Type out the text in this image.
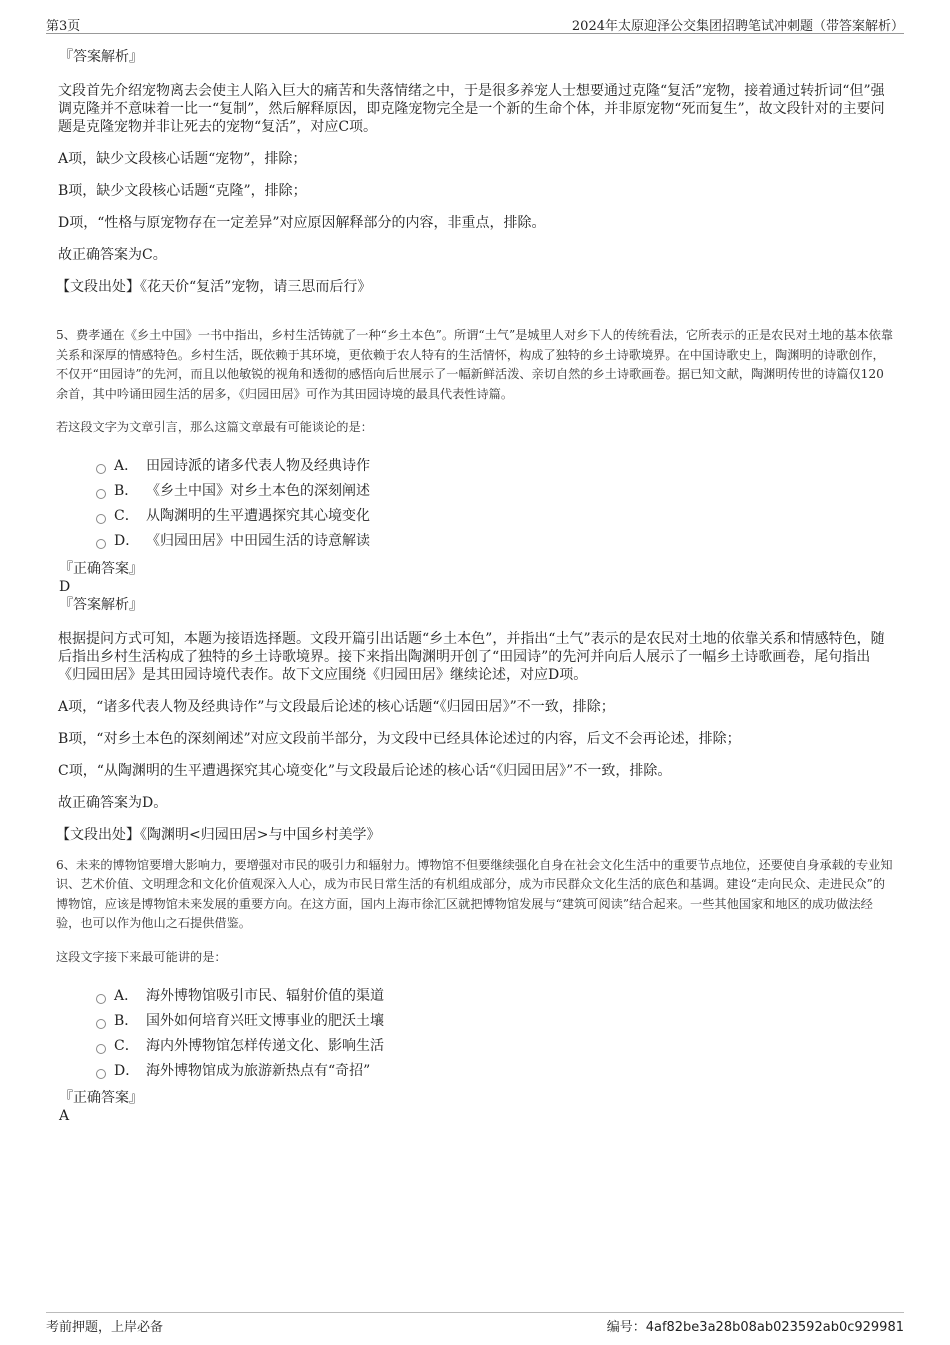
第3页	2024年太原迎泽公交集团招聘笔试冲刺题（带答案解析）
『答案解析』
文段首先介绍宠物离去会使主人陷入巨大的痛苦和失落情绪之中，于是很多养宠人士想要通过克隆“复活”宠物，接着通过转折词“但”强调克隆并不意味着一比一“复制”，然后解释原因，即克隆宠物完全是一个新的生命个体，并非原宠物“死而复生”，故文段针对的主要问题是克隆宠物并非让死去的宠物“复活”，对应C项。
A项，缺少文段核心话题“宠物”，排除；
B项，缺少文段核心话题“克隆”，排除；
D项，“性格与原宠物存在一定差异”对应原因解释部分的内容，非重点，排除。
故正确答案为C。
【文段出处】《花天价“复活”宠物，请三思而后行》
5、费孝通在《乡土中国》一书中指出，乡村生活铸就了一种“乡土本色”。所谓“土气”是城里人对乡下人的传统看法，它所表示的正是农民对土地的基本依靠关系和深厚的情感特色。乡村生活，既依赖于其环境，更依赖于农人特有的生活情怀，构成了独特的乡土诗歌境界。在中国诗歌史上，陶渊明的诗歌创作，不仅开“田园诗”的先河，而且以他敏锐的视角和透彻的感悟向后世展示了一幅新鲜活泼、亲切自然的乡土诗歌画卷。据已知文献，陶渊明传世的诗篇仅120余首，其中吟诵田园生活的居多，《归园田居》可作为其田园诗境的最具代表性诗篇。
若这段文字为文章引言，那么这篇文章最有可能谈论的是：
A． 田园诗派的诸多代表人物及经典诗作
B． 《乡土中国》对乡土本色的深刻阐述
C． 从陶渊明的生平遭遇探究其心境变化
D． 《归园田居》中田园生活的诗意解读
『正确答案』
D
『答案解析』
根据提问方式可知，本题为接语选择题。文段开篇引出话题“乡土本色”，并指出“土气”表示的是农民对土地的依靠关系和情感特色，随后指出乡村生活构成了独特的乡土诗歌境界。接下来指出陶渊明开创了“田园诗”的先河并向后人展示了一幅乡土诗歌画卷，尾句指出《归园田居》是其田园诗境代表作。故下文应围绕《归园田居》继续论述，对应D项。
A项，“诸多代表人物及经典诗作”与文段最后论述的核心话题“《归园田居》”不一致，排除；
B项，“对乡土本色的深刻阐述”对应文段前半部分，为文段中已经具体论述过的内容，后文不会再论述，排除；
C项，“从陶渊明的生平遭遇探究其心境变化”与文段最后论述的核心话“《归园田居》”不一致，排除。
故正确答案为D。
【文段出处】《陶渊明<归园田居>与中国乡村美学》
6、未来的博物馆要增大影响力，要增强对市民的吸引力和辐射力。博物馆不但要继续强化自身在社会文化生活中的重要节点地位，还要使自身承载的专业知识、艺术价值、文明理念和文化价值观深入人心，成为市民日常生活的有机组成部分，成为市民群众文化生活的底色和基调。建设“走向民众、走进民众”的博物馆，应该是博物馆未来发展的重要方向。在这方面，国内上海市徐汇区就把博物馆发展与“建筑可阅读”结合起来。一些其他国家和地区的成功做法经验，也可以作为他山之石提供借鉴。
这段文字接下来最可能讲的是：
A． 海外博物馆吸引市民、辐射价值的渠道
B． 国外如何培育兴旺文博事业的肥沃土壤
C． 海内外博物馆怎样传递文化、影响生活
D． 海外博物馆成为旅游新热点有“奇招”
『正确答案』
A
考前押题，上岸必备	编号：4af82be3a28b08ab023592ab0c929981
